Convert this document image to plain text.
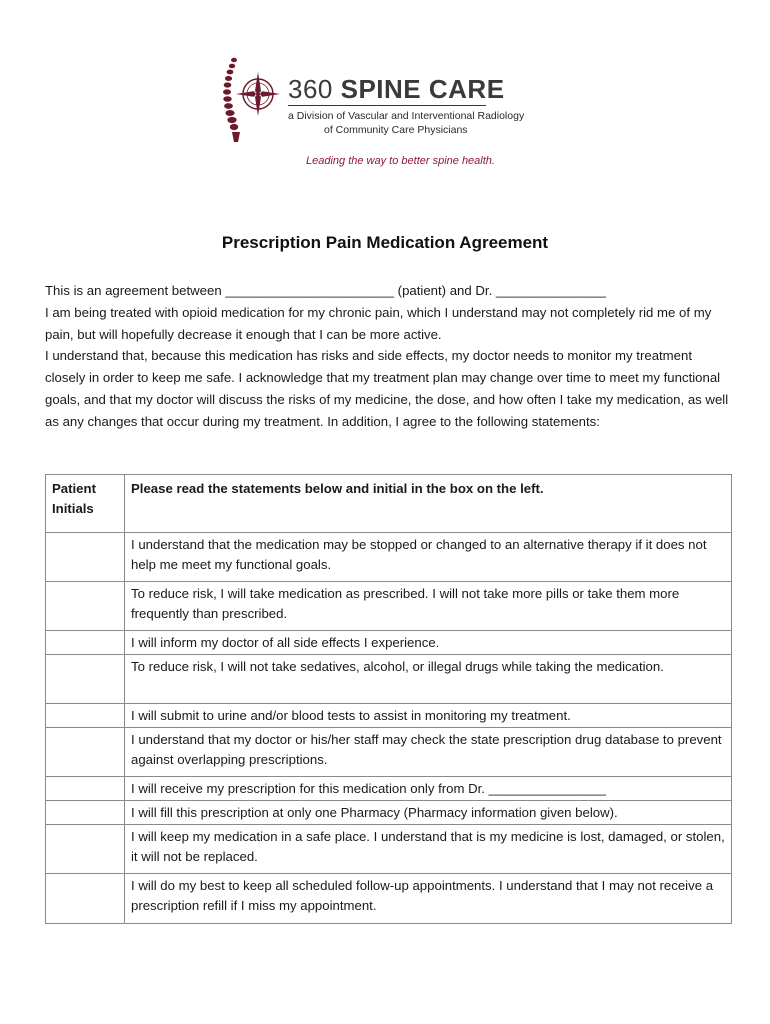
360 SPINE CARE
a Division of Vascular and Interventional Radiology
of Community Care Physicians
Leading the way to better spine health.
Prescription Pain Medication Agreement

This is an agreement between _______________________ (patient) and Dr. _______________

I am being treated with opioid medication for my chronic pain, which I understand may not completely rid me of my pain, but will hopefully decrease it enough that I can be more active.

I understand that, because this medication has risks and side effects, my doctor needs to monitor my treatment closely in order to keep me safe. I acknowledge that my treatment plan may change over time to meet my functional goals, and that my doctor will discuss the risks of my medicine, the dose, and how often I take my medication, as well as any changes that occur during my treatment. In addition, I agree to the following statements:

Patient Initials	Please read the statements below and initial in the box on the left.
	I understand that the medication may be stopped or changed to an alternative therapy if it does not help me meet my functional goals.
	To reduce risk, I will take medication as prescribed. I will not take more pills or take them more frequently than prescribed.
	I will inform my doctor of all side effects I experience.
	To reduce risk, I will not take sedatives, alcohol, or illegal drugs while taking the medication.
	I will submit to urine and/or blood tests to assist in monitoring my treatment.
	I understand that my doctor or his/her staff may check the state prescription drug database to prevent against overlapping prescriptions.
	I will receive my prescription for this medication only from Dr. ________________
	I will fill this prescription at only one Pharmacy (Pharmacy information given below).
	I will keep my medication in a safe place. I understand that is my medicine is lost, damaged, or stolen, it will not be replaced.
	I will do my best to keep all scheduled follow-up appointments. I understand that I may not receive a prescription refill if I miss my appointment.
